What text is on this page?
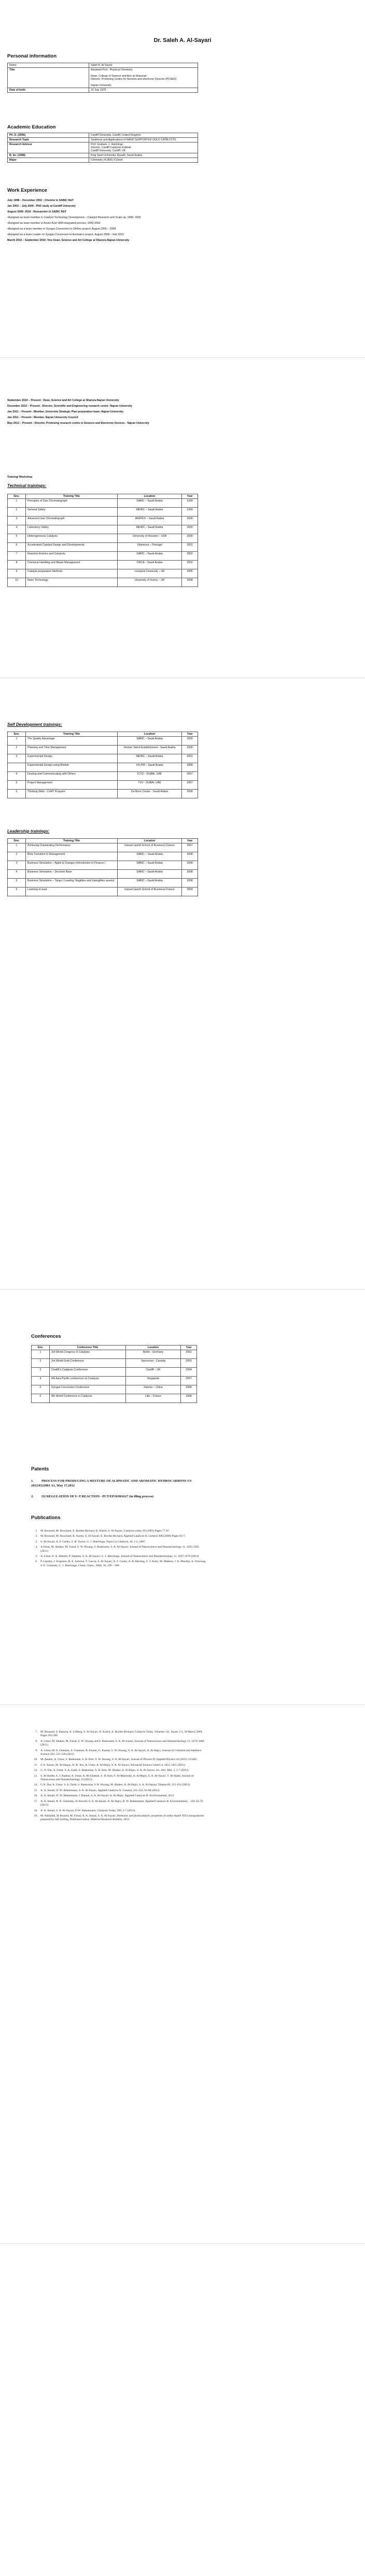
Dr. Saleh A. Al-Sayari
Personal information
Name	Saleh A. Al-Sayari
Title	Assistant Prof.- Physical Chemistry

Dean, College of Science and Arts at Sharurah
Director, Promising Centre for Sensors and electronic Devices (PCSED)

Najran University.
Date of birth:	10 July 1975
Academic Education
Ph. D. (2006)	Cardiff University, Cardiff, United Kingdom
Research Topic	Synthesis and Applications of NANO SUPPORTED GOLD CATALYSTS
Research Advisor	Prof. Graham. J. Hutchings
Director, Cardiff Catalysis Institute
Cardiff University, Cardiff, UK
B. Sc. (1998)	King Saud University, Riyadh, Saudi Arabia
Major	Chemistry (4.06/5) V.Good
Work Experience

July 1998 – December 2002 : Chemist in SABIC R&T

Jan 2003 – July 2006 : PhD study at Cardiff University

August 2006- 2010 : Researcher in SABIC R&T

•Assigned as team member in Catalyst Technology Development – Catalyst Research and Scale up: 1999- 2002

•Assigned as team member in Acetic Acid VAM integrated process; 2000-2002

•Assigned as a team member in Syngas Conversion to Olefins project; August 2006 – 2008

•Assigned as a team Leader on Syngas Conversion to Aromatics project, August 2008 – Feb 2010

March 2010 – September 2010: Vice Dean, Science and Art College at Sharura-Najran University

September 2010 – Present : Dean, Science and Art College at Sharura-Najran University

December 2010 – Present : Director, Scientific and Engineering research centre -Najran University

Jan 2011 – Present : Member, University Strategic Plan preparation team -Najran University

Jan 2011 – Present : Member, Najran University Council

May 2012 – Present : Director, Promising research centre in Sensors and Electronic Devices - Najran University

Training/ Workshop
Technical trainings:
Sno.	Training Title	Location	Year
1	Principles of Gas Chromatograph	SABIC – Saudi Arabia	1999
2	General Safety	MEIRC – Saudi Arabia	1999
3	Advanced Gas Chromatograph	ARATEX – Saudi Arabia	2000
4	Laboratory Safety	MEIRC – Saudi Arabia	2000
5	Heterogeneous Catalysis	University of Houston – USA	2000
6	Accelerated Catalyst Design and Developments	Vilamoura – Portugal	2001
7	Reaction Kinetics and Catalysis	SABIC – Saudi Arabia	2002
8	Chemical Handling and Waste Management	ORCA – Saudi Arabia	2002
9	Catalyst preparation Methods	Liverpool University – UK	2005
10	Nano Technology	University of Surrey – UK	2008
Self Development trainings:
Sno.	Training Title	Location	Year
1	The Quality Advantage	SABIC – Saudi Arabia	2000
2	Planning and Time Management	Human Talent Establishment - Saudi Arabia	2000
3	Experimental Design	MEIRC – Saudi Arabia	2001
	Experimental Design using Minitab	XFLPM – Saudi Arabia	2008
4	Dealing and Communicating with Others	ICTD – DUBAI, UAE	2007
5	Project Management	TUV - DUBAI, UAE	2007
6	Thinking Skills - CoRT Program	De Bono Center - Saudi Arabia	2008
Leadership trainings:
Sno.	Training Title	Location	Year
1	Achieving Outstanding Performance	Inaxxel (world School of Business) France	2007
2	Beta Transition to Management	SABIC – Saudi Arabia	2008
3	Business Simulation – Apple & Oranges (introduction to Finance )	SABIC – Saudi Arabia	2008
4	Business Simulation – Decision Base	SABIC – Saudi Arabia	2008
5	Business Simulation – Tango ( Leading Tangibles and Intangibles assets)	SABIC – Saudi Arabia	2008
6	Learning to lead	Inaxxel (world School of Business) France	2009
Conferences
Sno.	Conference Title	Location	Year
1	3rd World Congress in Catalysis	Berlin - Germany	2002
2	3rd World Gold Conference	Vancouver - Canada	2003
3	Cardiff n Catalysis Conference	Cardiff – UK	2004
4	4th Asia Pacific conference on Catalysis	Singapore	2007
5	Syngas Conversion Conference	Xiamen – China	2008
6	8th World Conference in Catalysis	Lille – France	2008
Patents
1. PROCESS FOR PRODUCING A MIXTURE OF ALIPHATIC AND AROMATIC HYDROCARBONS US 2012/0123001 A1, May 17.2012
2. O2 REGULATION OF F–T REACTION - PCT/EP10/001617 (in filing process)
Publications
1. M. Rousseil, M. Bouchard, E. Bordes-Richard, K. Karim, S. Al-Sayari, Catalysis today, 99 (2005) Pages 77-87.
2. M. Rousseil, M. Bouchard, K. Karim, S. Al-Sayari, E. Bordes-Richard, Applied Catalysis A: General 308 (2006) Pages 62-7.
3. S. Al-Sayari, A. F. Carley, S. H. Taylor, G. J. Hutchings, Topics in Catalysis, 44, 1-2, 2007.
4. A.Umar, M. Abaker, M. Faisal, S. W. Hwang, S. Baskoutas, S. A. Al-Sayari, Journal of Nanoscience and Nanotechnology 11, 3502-3505 (2011)
5. A. Umar, A. A. Alharbi, P. Stephen, S. A. Al-Sayari, G. J. Hutchings, Journal of Nanoscience and Nanotechnology 11, 3567-3570 (2011)
6. P. Landon, J. Ferguson, B. E. Solsona, T. Garcia, S. Al-Sayari, A. F. Carley, A. A. Herzing, C. J. Kiely, M. Makkee, J. A. Moulijn, A. Overweg, S. E. Golunski, G. J. Hutchings, Chem. Chem., 2006, 16, 199 – 208.
7. M. Rousseil, S. Baraina, A. Löfberg, S. Al-Sayari, K. Karim, E. Bordes-Richard, Catalysis Today, Volumes 141, Issues 3-4, 30 March 2009, Pages 262-266.
8. A. Umar, M. Abaker, M. Faisal, S. W. Hwang and S. Baskoutas, S. A. Al-Sayari, Journal of Nanoscience and Nanotechnology 11, 3474-3480 (2011)
9. A. Umar, M. S. Chauhan, S. Chauhan, R. Kumar, G. Kumar, S. W. Hwang, S. A. Al-Sayari, A. Al-Hajry, Journal of Colloidal and Interface Science 363, 521-528 (2011)
10. M. Abaker, A. Umar, S. Baskoutas, S. H. Kim, S. W. Hwang, S. A. Al-Sayari, Journal of Physics D: Applied Physics 44 (2011) 155405.
11. Z.A. Ansari, M. Al-Haqaz, H.-K. Seo, A. Umar, A. Al-Hajry, S. A. Al-Sayari, Advanced Science Letters 4, 3451-3455 (2011)
12. G. N. Dar, A. Umar, S. A. Zaidi, S. Baskoutas, S. H. Kim, M. Abaker, A. Al-Hajry, S. A. Al-Sayari, Sci. Adv. Mat. 3, 1-7 (2011)
13. S. Al-Harthi, E. I. Badran, A. Umar, A. Al-Ghamdi, S. H. Kim, F. Al-Marzouki, A. Al-Hajry, S. A. Al-Sayari, T. Al-Harbi, Journal of Nanoscience and Nanotechnology 12 (2012)
14. G.N. Dar, A. Umar, S. A. Zaidi, S. Baskoutas, S.W. Hwang, M. Abaker, A. Al-Hajry, S. A. Al-Sayari, Talanta 89, 155-161 (2012)
15. A. A. Ismail, D. W. Bahnemann, S. A. Al-Sayari, Applied Catalysis A: General, 431-432, 62-68 (2012)
16. A. A. Ismail, D. W. Bahnemann, I. Bannat, S. A. Al-Sayari, A. Al-Hajry, Applied Catalysis B: Environmental, 2012
17. A. A. Ismail, R. A. Geioushy, H. Bouzid, S. A. Al-Sayari, A. Al-Hajry, D. W. Bahnemann, Applied Catalysis B: Environmental, , 129, 62-70, (2013).
18. A. A. Ismail, S. A. Al-Sayari, D.W. Bahnemann, Catalysis Today, 209, 2-7 (2013).
19. M. Abdullah, H. Bouzid, M. Faisal, A. A. Ismail, S. A. Al-Sayari, Dielectric and photocatalytic properties of sulfur doped TiO2 nanoparticles prepared by ball milling, Published online, Material Research Bulletin, 2013.
